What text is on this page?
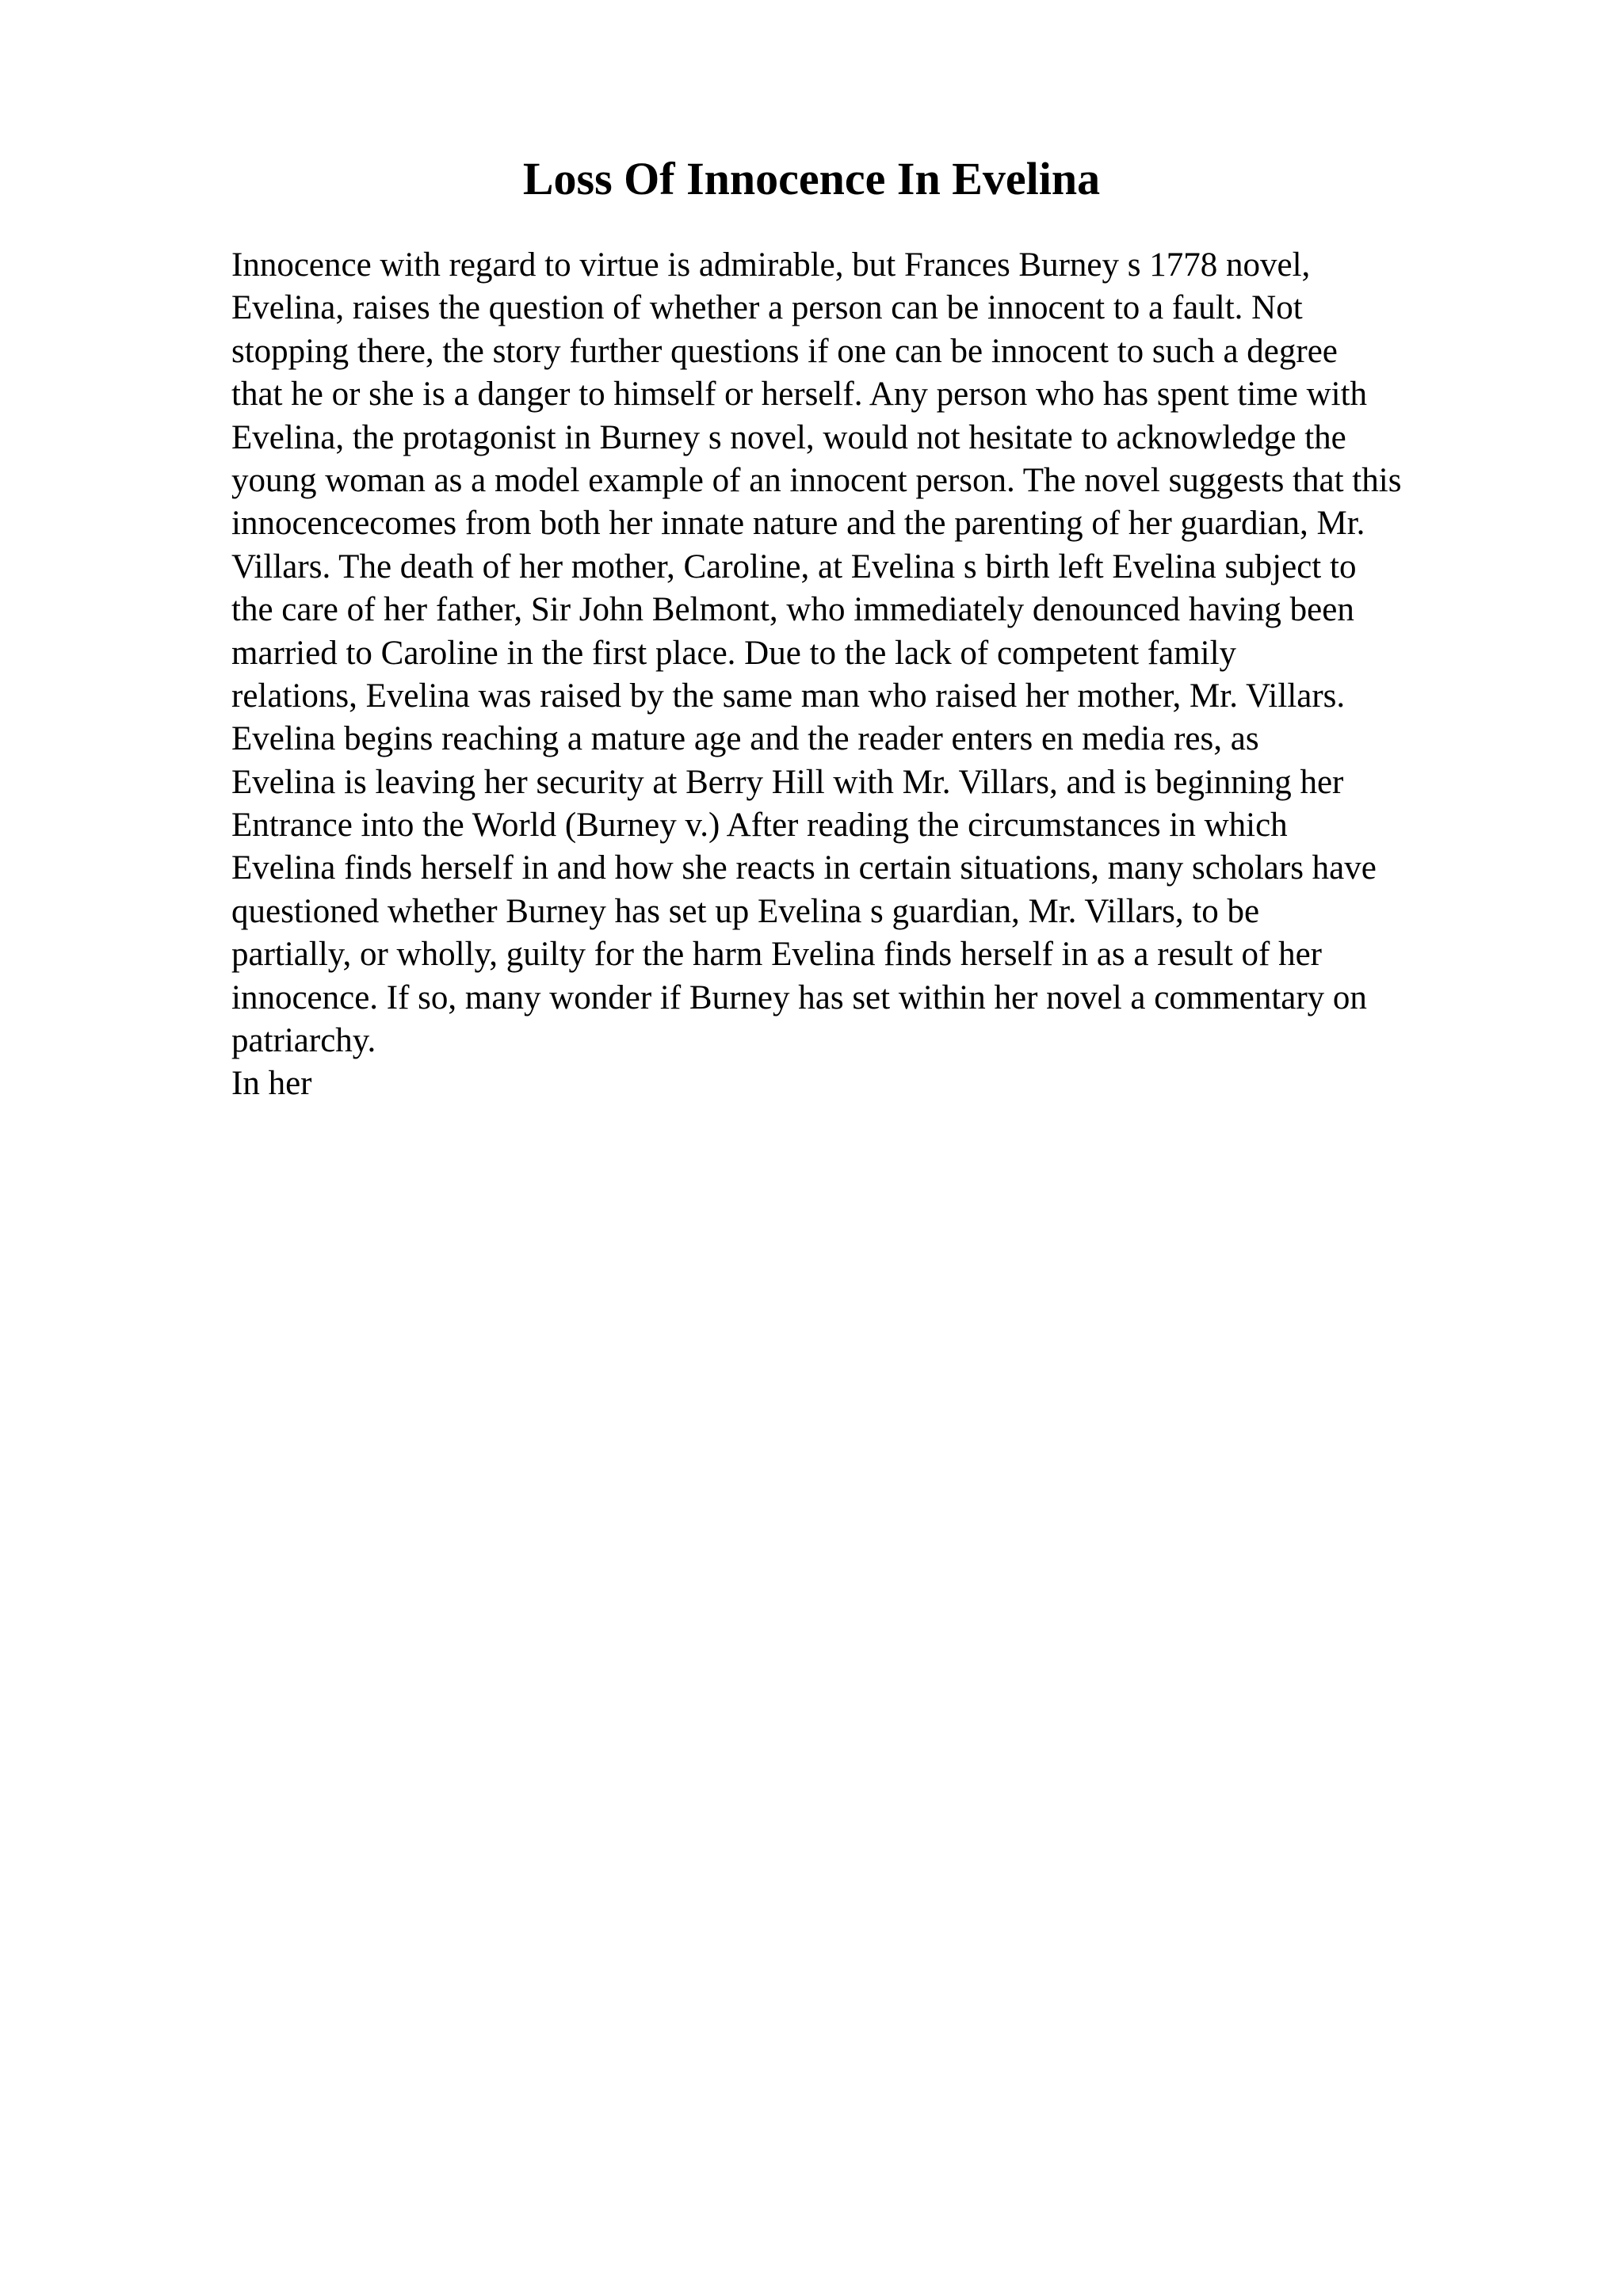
Loss Of Innocence In Evelina
Innocence with regard to virtue is admirable, but Frances Burney s 1778 novel,
Evelina, raises the question of whether a person can be innocent to a fault. Not
stopping there, the story further questions if one can be innocent to such a degree
that he or she is a danger to himself or herself. Any person who has spent time with
Evelina, the protagonist in Burney s novel, would not hesitate to acknowledge the
young woman as a model example of an innocent person. The novel suggests that this
innocencecomes from both her innate nature and the parenting of her guardian, Mr.
Villars. The death of her mother, Caroline, at Evelina s birth left Evelina subject to
the care of her father, Sir John Belmont, who immediately denounced having been
married to Caroline in the first place. Due to the lack of competent family
relations, Evelina was raised by the same man who raised her mother, Mr. Villars.
Evelina begins reaching a mature age and the reader enters en media res, as
Evelina is leaving her security at Berry Hill with Mr. Villars, and is beginning her
Entrance into the World (Burney v.) After reading the circumstances in which
Evelina finds herself in and how she reacts in certain situations, many scholars have
questioned whether Burney has set up Evelina s guardian, Mr. Villars, to be
partially, or wholly, guilty for the harm Evelina finds herself in as a result of her
innocence. If so, many wonder if Burney has set within her novel a commentary on
patriarchy.
In her
